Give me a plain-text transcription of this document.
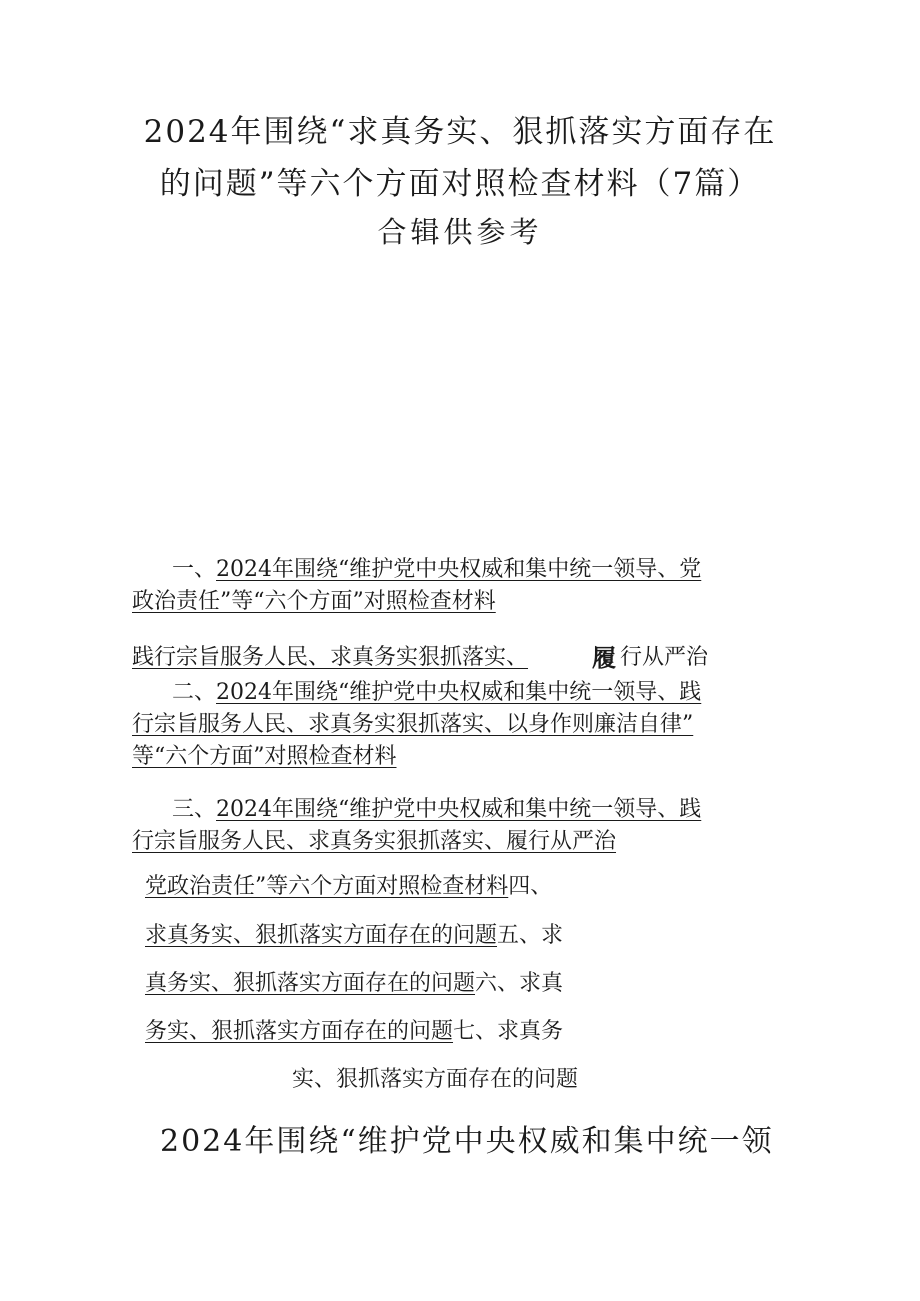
2024年围绕“求真务实、狠抓落实方面存在
的问题”等六个方面对照检查材料（7篇）
合辑供参考
一、2024年围绕“维护党中央权威和集中统一领导、党
政治责任”等“六个方面”对照检查材料
践行宗旨服务人民、求真务实狠抓落实、	履 行从严治
二、2024年围绕“维护党中央权威和集中统一领导、践
行宗旨服务人民、求真务实狠抓落实、以身作则廉洁自律”
等“六个方面”对照检查材料
三、2024年围绕“维护党中央权威和集中统一领导、践
行宗旨服务人民、求真务实狠抓落实、履行从严治
党政治责任”等六个方面对照检查材料四、
求真务实、狠抓落实方面存在的问题五、求
真务实、狠抓落实方面存在的问题六、求真
务实、狠抓落实方面存在的问题七、求真务
实、狠抓落实方面存在的问题
2024年围绕“维护党中央权威和集中统一领
